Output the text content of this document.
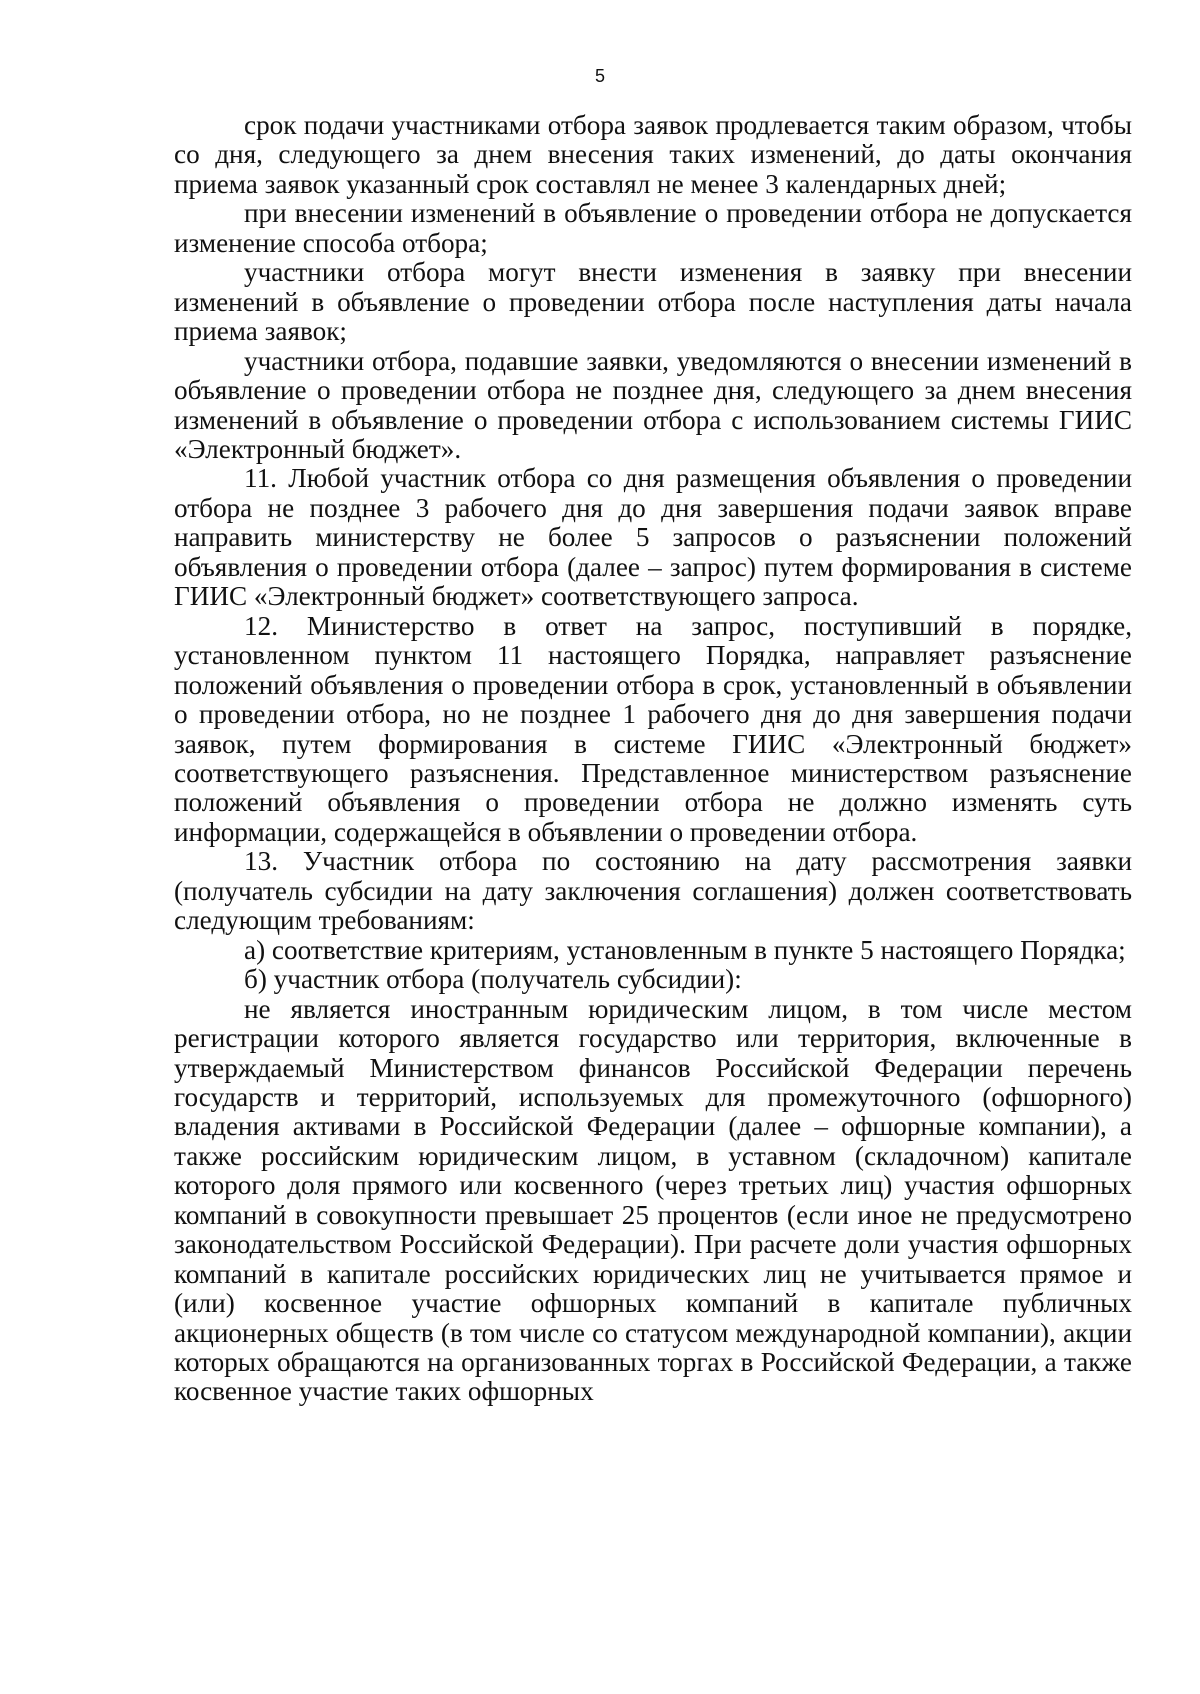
5

срок подачи участниками отбора заявок продлевается таким образом, чтобы со дня, следующего за днем внесения таких изменений, до даты окончания приема заявок указанный срок составлял не менее 3 календарных дней;

при внесении изменений в объявление о проведении отбора не допускается изменение способа отбора;

участники отбора могут внести изменения в заявку при внесении изменений в объявление о проведении отбора после наступления даты начала приема заявок;

участники отбора, подавшие заявки, уведомляются о внесении изменений в объявление о проведении отбора не позднее дня, следующего за днем внесения изменений в объявление о проведении отбора с использованием системы ГИИС «Электронный бюджет».

11. Любой участник отбора со дня размещения объявления о проведении отбора не позднее 3 рабочего дня до дня завершения подачи заявок вправе направить министерству не более 5 запросов о разъяснении положений объявления о проведении отбора (далее – запрос) путем формирования в системе ГИИС «Электронный бюджет» соответствующего запроса.

12. Министерство в ответ на запрос, поступивший в порядке, установленном пунктом 11 настоящего Порядка, направляет разъяснение положений объявления о проведении отбора в срок, установленный в объявлении о проведении отбора, но не позднее 1 рабочего дня до дня завершения подачи заявок, путем формирования в системе ГИИС «Электронный бюджет» соответствующего разъяснения. Представленное министерством разъяснение положений объявления о проведении отбора не должно изменять суть информации, содержащейся в объявлении о проведении отбора.

13. Участник отбора по состоянию на дату рассмотрения заявки (получатель субсидии на дату заключения соглашения) должен соответствовать следующим требованиям:

а) соответствие критериям, установленным в пункте 5 настоящего Порядка;

б) участник отбора (получатель субсидии):

не является иностранным юридическим лицом, в том числе местом регистрации которого является государство или территория, включенные в утверждаемый Министерством финансов Российской Федерации перечень государств и территорий, используемых для промежуточного (офшорного) владения активами в Российской Федерации (далее – офшорные компании), а также российским юридическим лицом, в уставном (складочном) капитале которого доля прямого или косвенного (через третьих лиц) участия офшорных компаний в совокупности превышает 25 процентов (если иное не предусмотрено законодательством Российской Федерации). При расчете доли участия офшорных компаний в капитале российских юридических лиц не учитывается прямое и (или) косвенное участие офшорных компаний в капитале публичных акционерных обществ (в том числе со статусом международной компании), акции которых обращаются на организованных торгах в Российской Федерации, а также косвенное участие таких офшорных
